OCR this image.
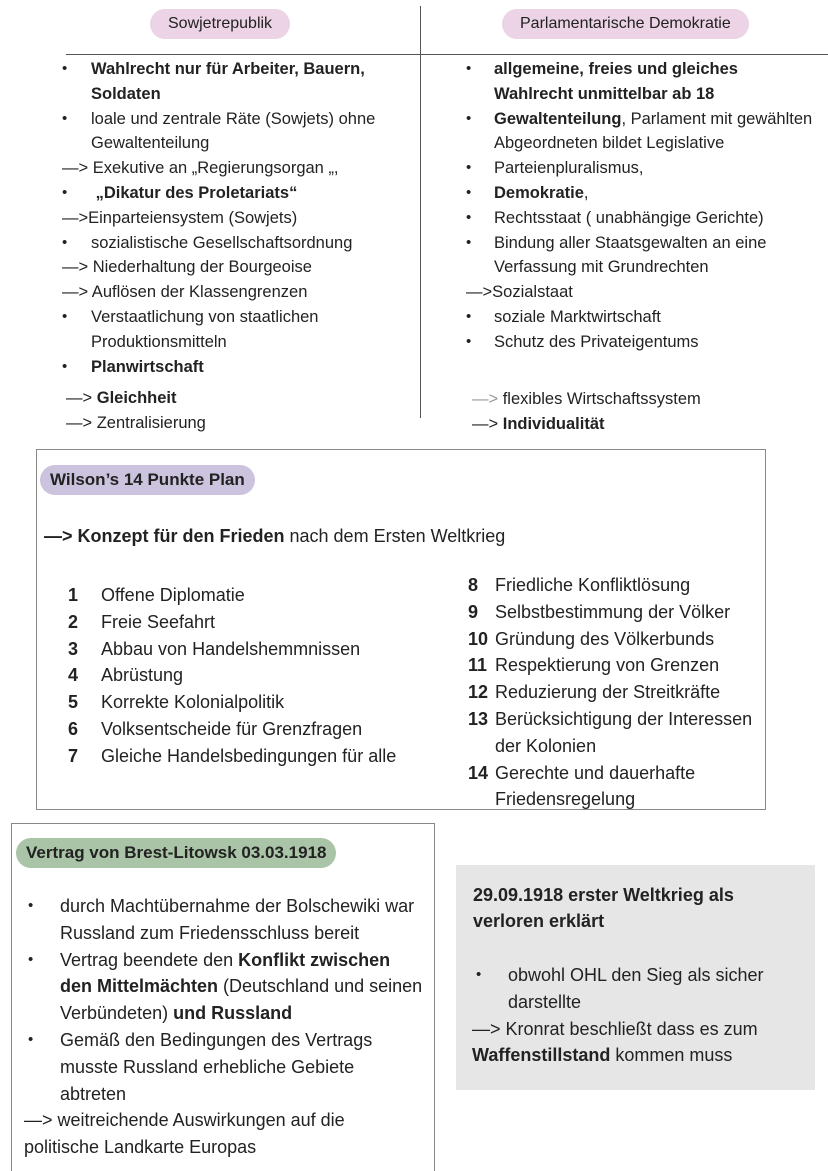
Sowjetrepublik	Parlamentarische Demokratie
• Wahlrecht nur für Arbeiter, Bauern, Soldaten
• loale und zentrale Räte (Sowjets) ohne Gewaltenteilung
—> Exekutive an „Regierungsorgan „,
• „Dikatur des Proletariats“
—>Einparteiensystem (Sowjets)
• sozialistische Gesellschaftsordnung
—> Niederhaltung der Bourgeoise
—> Auflösen der Klassengrenzen
• Verstaatlichung von staatlichen Produktionsmitteln
• Planwirtschaft
—> Gleichheit
—> Zentralisierung
• allgemeine, freies und gleiches Wahlrecht unmittelbar ab 18
• Gewaltenteilung, Parlament mit gewählten Abgeordneten bildet Legislative
• Parteienpluralismus,
• Demokratie,
• Rechtsstaat ( unabhängige Gerichte)
• Bindung aller Staatsgewalten an eine Verfassung mit Grundrechten
—>Sozialstaat
• soziale Marktwirtschaft
• Schutz des Privateigentums
—> flexibles Wirtschaftssystem
—> Individualität
Wilson’s 14 Punkte Plan
—> Konzept für den Frieden nach dem Ersten Weltkrieg
1 Offene Diplomatie
2 Freie Seefahrt
3 Abbau von Handelshemmnissen
4 Abrüstung
5 Korrekte Kolonialpolitik
6 Volksentscheide für Grenzfragen
7 Gleiche Handelsbedingungen für alle
8 Friedliche Konfliktlösung
9 Selbstbestimmung der Völker
10 Gründung des Völkerbunds
11 Respektierung von Grenzen
12 Reduzierung der Streitkräfte
13 Berücksichtigung der Interessen der Kolonien
14 Gerechte und dauerhafte Friedensregelung
Vertrag von Brest-Litowsk 03.03.1918
• durch Machtübernahme der Bolschewiki war Russland zum Friedensschluss bereit
• Vertrag beendete den Konflikt zwischen den Mittelmächten (Deutschland und seinen Verbündeten) und Russland
• Gemäß den Bedingungen des Vertrags musste Russland erhebliche Gebiete abtreten
—> weitreichende Auswirkungen auf die politische Landkarte Europas
29.09.1918 erster Weltkrieg als verloren erklärt
• obwohl OHL den Sieg als sicher darstellte
—> Kronrat beschließt dass es zum Waffenstillstand kommen muss
